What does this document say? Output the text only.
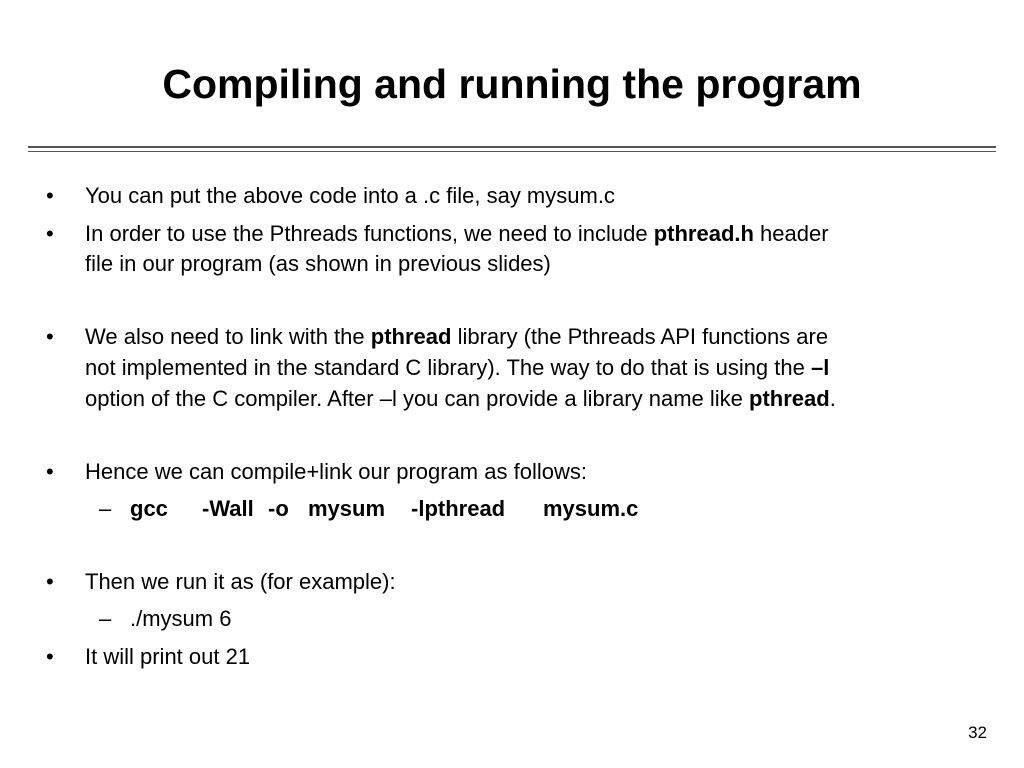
Compiling and running the program
• You can put the above code into a .c file, say mysum.c
• In order to use the Pthreads functions, we need to include pthread.h header
file in our program (as shown in previous slides)
• We also need to link with the pthread library (the Pthreads API functions are
not implemented in the standard C library). The way to do that is using the –l
option of the C compiler. After –l you can provide a library name like pthread.
• Hence we can compile+link our program as follows:
– gcc -Wall -o mysum -lpthread mysum.c
• Then we run it as (for example):
– ./mysum 6
• It will print out 21
32
